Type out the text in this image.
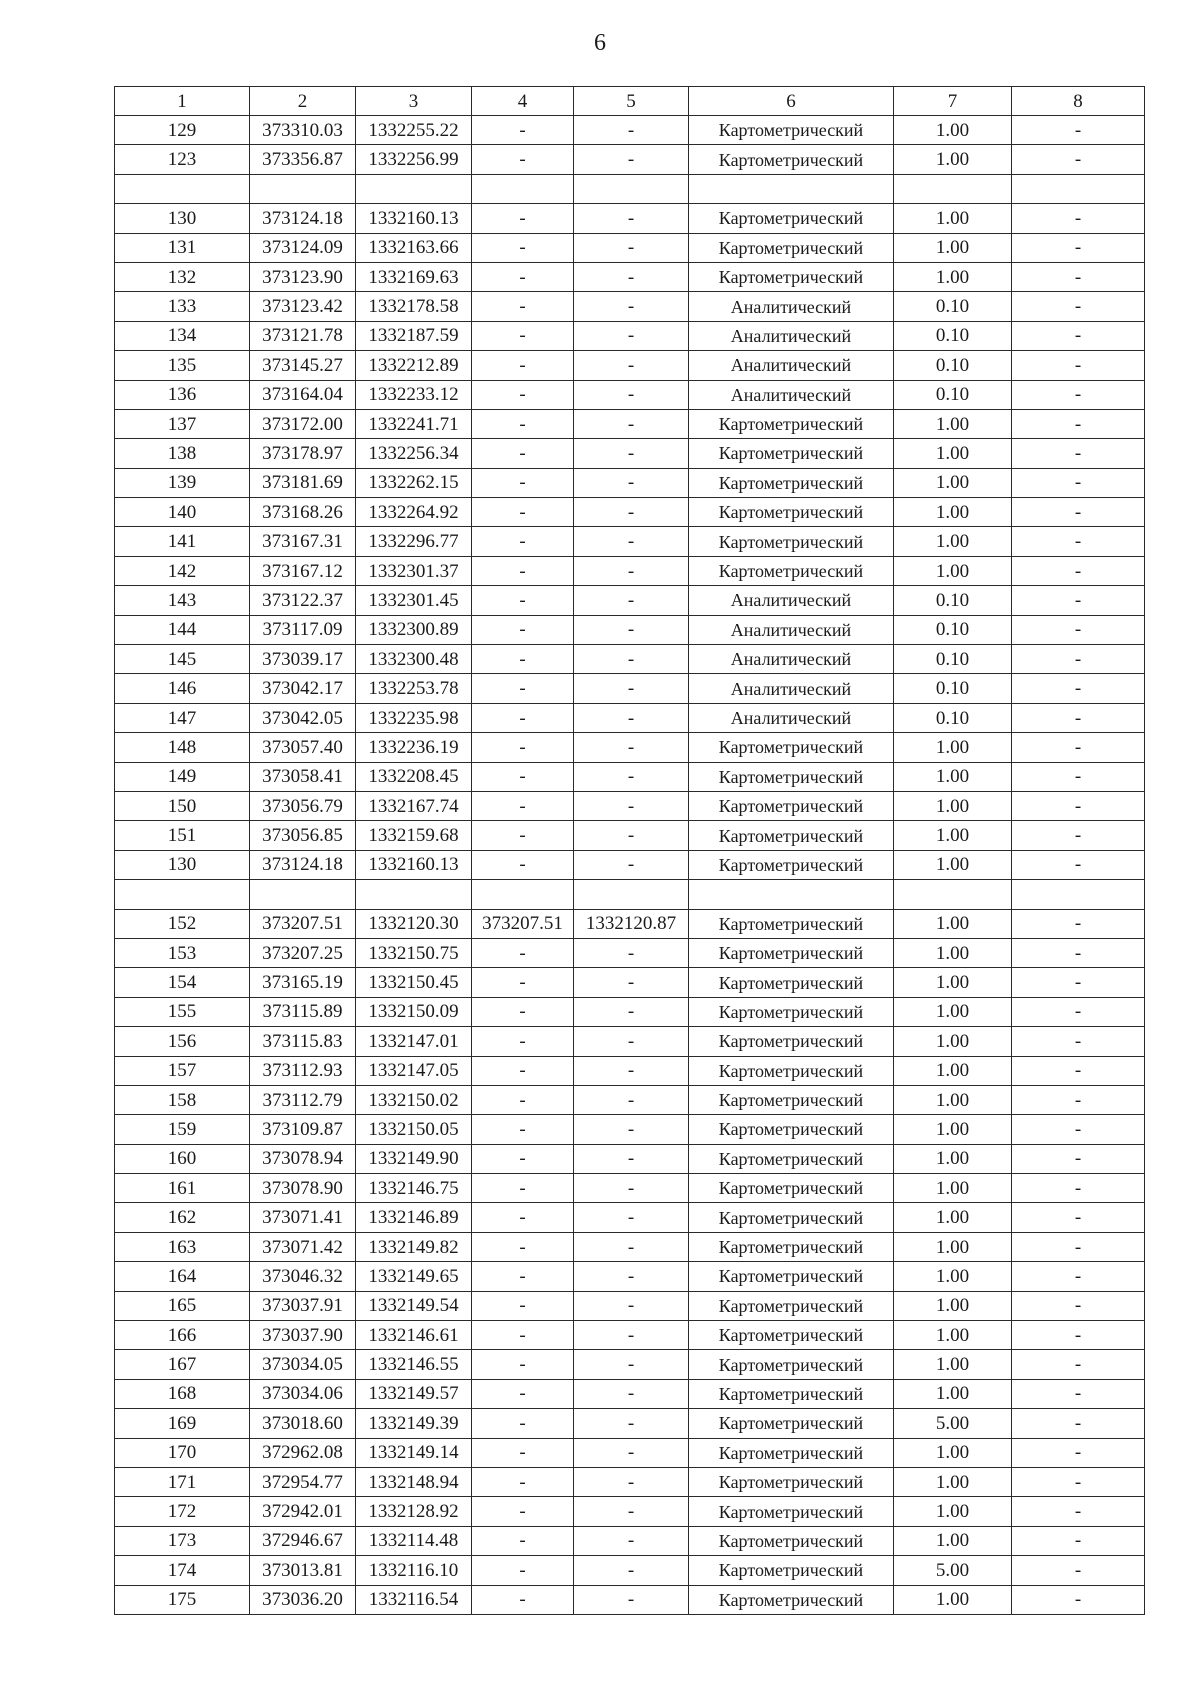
6
1	2	3	4	5	6	7	8
129	373310.03	1332255.22	-	-	Картометрический	1.00	-
123	373356.87	1332256.99	-	-	Картометрический	1.00	-

130	373124.18	1332160.13	-	-	Картометрический	1.00	-
131	373124.09	1332163.66	-	-	Картометрический	1.00	-
132	373123.90	1332169.63	-	-	Картометрический	1.00	-
133	373123.42	1332178.58	-	-	Аналитический	0.10	-
134	373121.78	1332187.59	-	-	Аналитический	0.10	-
135	373145.27	1332212.89	-	-	Аналитический	0.10	-
136	373164.04	1332233.12	-	-	Аналитический	0.10	-
137	373172.00	1332241.71	-	-	Картометрический	1.00	-
138	373178.97	1332256.34	-	-	Картометрический	1.00	-
139	373181.69	1332262.15	-	-	Картометрический	1.00	-
140	373168.26	1332264.92	-	-	Картометрический	1.00	-
141	373167.31	1332296.77	-	-	Картометрический	1.00	-
142	373167.12	1332301.37	-	-	Картометрический	1.00	-
143	373122.37	1332301.45	-	-	Аналитический	0.10	-
144	373117.09	1332300.89	-	-	Аналитический	0.10	-
145	373039.17	1332300.48	-	-	Аналитический	0.10	-
146	373042.17	1332253.78	-	-	Аналитический	0.10	-
147	373042.05	1332235.98	-	-	Аналитический	0.10	-
148	373057.40	1332236.19	-	-	Картометрический	1.00	-
149	373058.41	1332208.45	-	-	Картометрический	1.00	-
150	373056.79	1332167.74	-	-	Картометрический	1.00	-
151	373056.85	1332159.68	-	-	Картометрический	1.00	-
130	373124.18	1332160.13	-	-	Картометрический	1.00	-

152	373207.51	1332120.30	373207.51	1332120.87	Картометрический	1.00	-
153	373207.25	1332150.75	-	-	Картометрический	1.00	-
154	373165.19	1332150.45	-	-	Картометрический	1.00	-
155	373115.89	1332150.09	-	-	Картометрический	1.00	-
156	373115.83	1332147.01	-	-	Картометрический	1.00	-
157	373112.93	1332147.05	-	-	Картометрический	1.00	-
158	373112.79	1332150.02	-	-	Картометрический	1.00	-
159	373109.87	1332150.05	-	-	Картометрический	1.00	-
160	373078.94	1332149.90	-	-	Картометрический	1.00	-
161	373078.90	1332146.75	-	-	Картометрический	1.00	-
162	373071.41	1332146.89	-	-	Картометрический	1.00	-
163	373071.42	1332149.82	-	-	Картометрический	1.00	-
164	373046.32	1332149.65	-	-	Картометрический	1.00	-
165	373037.91	1332149.54	-	-	Картометрический	1.00	-
166	373037.90	1332146.61	-	-	Картометрический	1.00	-
167	373034.05	1332146.55	-	-	Картометрический	1.00	-
168	373034.06	1332149.57	-	-	Картометрический	1.00	-
169	373018.60	1332149.39	-	-	Картометрический	5.00	-
170	372962.08	1332149.14	-	-	Картометрический	1.00	-
171	372954.77	1332148.94	-	-	Картометрический	1.00	-
172	372942.01	1332128.92	-	-	Картометрический	1.00	-
173	372946.67	1332114.48	-	-	Картометрический	1.00	-
174	373013.81	1332116.10	-	-	Картометрический	5.00	-
175	373036.20	1332116.54	-	-	Картометрический	1.00	-
